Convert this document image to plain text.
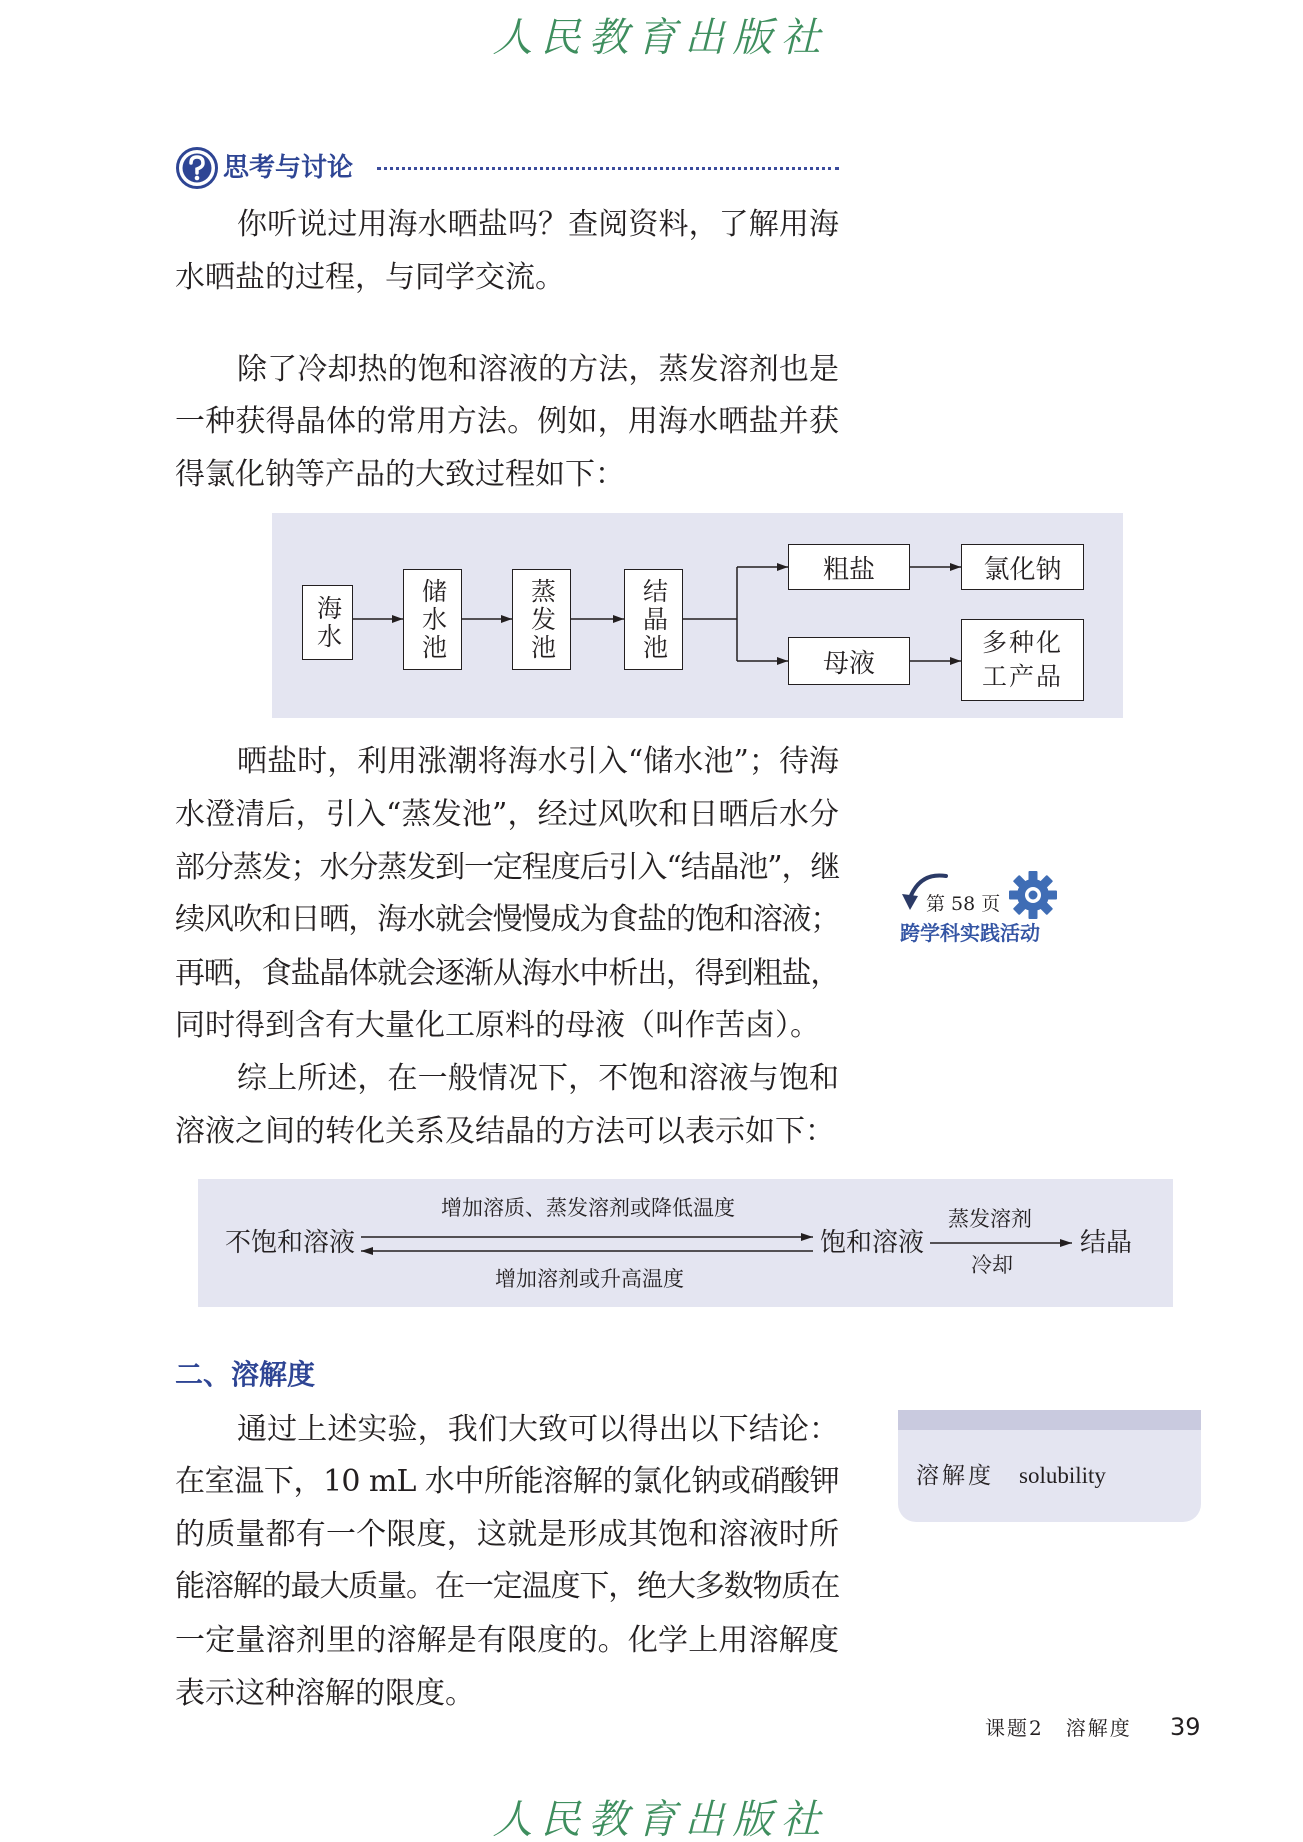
人民教育出版社
思考与讨论
你听说过用海水晒盐吗？查阅资料，了解用海
水晒盐的过程，与同学交流。
除了冷却热的饱和溶液的方法，蒸发溶剂也是
一种获得晶体的常用方法。例如，用海水晒盐并获
得氯化钠等产品的大致过程如下：
海水	储水池	蒸发池	结晶池
粗盐	氯化钠
母液
多种化
工产品
晒盐时，利用涨潮将海水引入“储水池”；待海
水澄清后，引入“蒸发池”，经过风吹和日晒后水分
部分蒸发；水分蒸发到一定程度后引入“结晶池”，继
续风吹和日晒，海水就会慢慢成为食盐的饱和溶液；
再晒，食盐晶体就会逐渐从海水中析出，得到粗盐，
同时得到含有大量化工原料的母液（叫作苦卤）。
第 58 页
跨学科实践活动
综上所述，在一般情况下，不饱和溶液与饱和
溶液之间的转化关系及结晶的方法可以表示如下：
不饱和溶液
增加溶质、蒸发溶剂或降低温度
增加溶剂或升高温度
饱和溶液
蒸发溶剂
冷却
结晶
二、溶解度
通过上述实验，我们大致可以得出以下结论：
在室温下，10 mL 水中所能溶解的氯化钠或硝酸钾
的质量都有一个限度，这就是形成其饱和溶液时所
能溶解的最大质量。在一定温度下，绝大多数物质在
一定量溶剂里的溶解是有限度的。化学上用溶解度
表示这种溶解的限度。
溶解度 solubility
课题2　溶解度 39
人民教育出版社
